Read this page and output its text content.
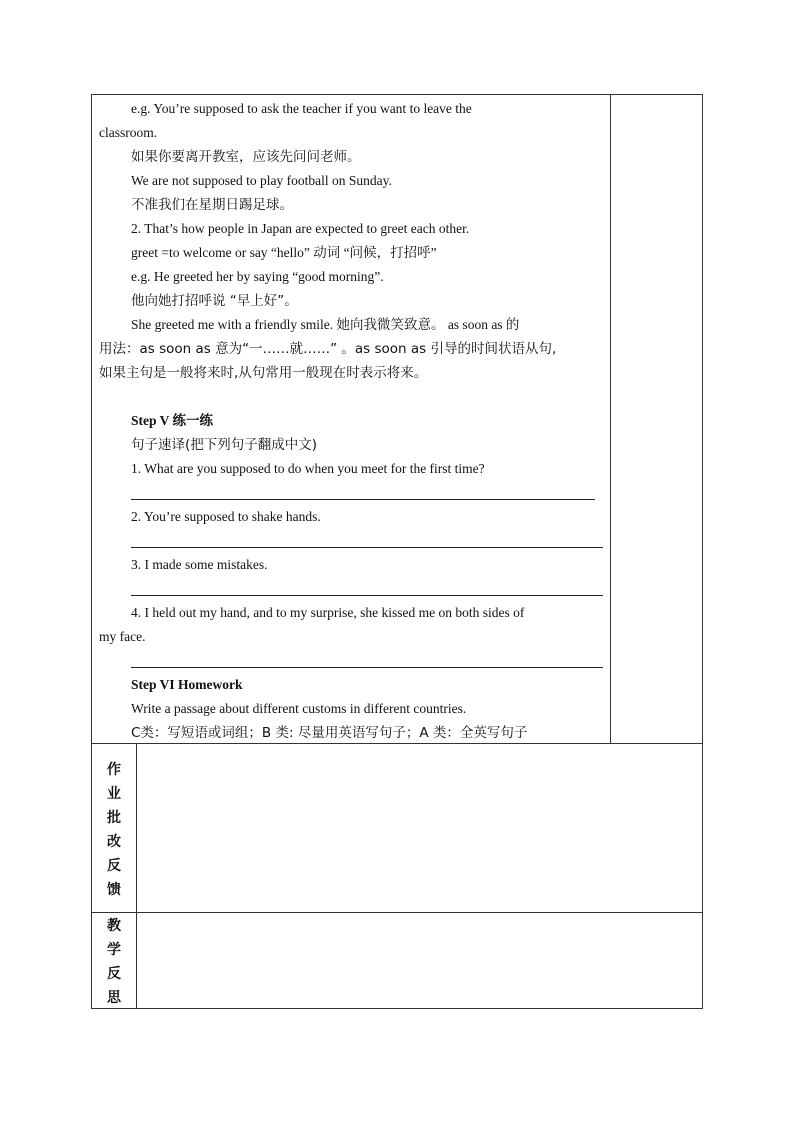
e.g. You’re supposed to ask the teacher if you want to leave the
classroom.
如果你要离开教室，应该先问问老师。
We are not supposed to play football on Sunday.
不准我们在星期日踢足球。
2. That’s how people in Japan are expected to greet each other.
greet =to welcome or say “hello” 动词 “问候，打招呼”
e.g. He greeted her by saying “good morning”.
他向她打招呼说 “早上好”。
She greeted me with a friendly smile. 她向我微笑致意。 as soon as 的
用法：as soon as 意为“一……就……” 。as soon as 引导的时间状语从句,
如果主句是一般将来时,从句常用一般现在时表示将来。
Step V 练一练
句子速译(把下列句子翻成中文)
1. What are you supposed to do when you meet for the first time?
2. You’re supposed to shake hands.
3. I made some mistakes.
4. I held out my hand, and to my surprise, she kissed me on both sides of
my face.
Step VI Homework
Write a passage about different customs in different countries.
C类：写短语或词组；B 类: 尽量用英语写句子；A 类：全英写句子
作
业
批
改
反
馈
教
学
反
思
